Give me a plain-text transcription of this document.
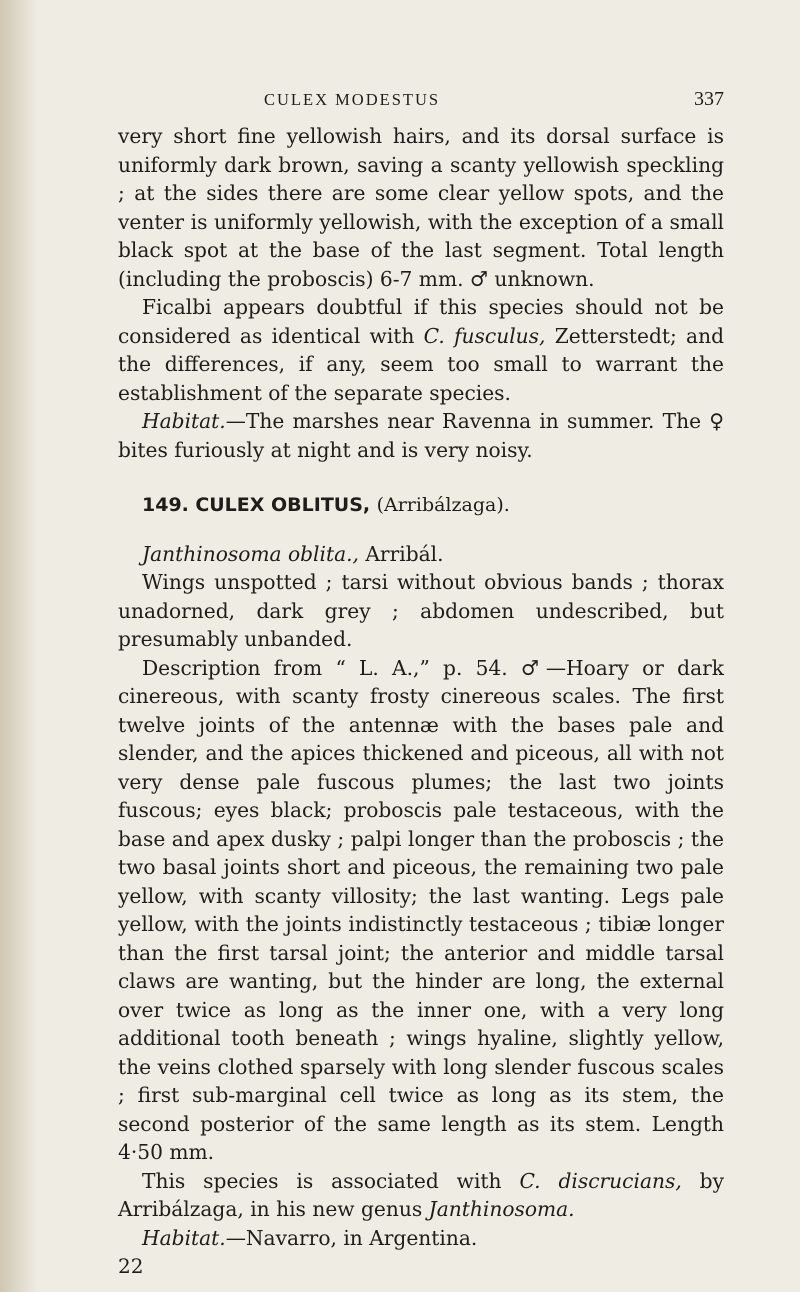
CULEX MODESTUS	337

very short fine yellowish hairs, and its dorsal surface is uniformly dark brown, saving a scanty yellowish speckling ; at the sides there are some clear yellow spots, and the venter is uniformly yellowish, with the exception of a small black spot at the base of the last segment. Total length (including the proboscis) 6-7 mm. ♂ unknown.

Ficalbi appears doubtful if this species should not be considered as identical with C. fusculus, Zetterstedt; and the differences, if any, seem too small to warrant the establishment of the separate species.

Habitat.—The marshes near Ravenna in summer. The ♀ bites furiously at night and is very noisy.

149. CULEX OBLITUS, (Arribálzaga).

Janthinosoma oblita., Arribál.

Wings unspotted ; tarsi without obvious bands ; thorax unadorned, dark grey ; abdomen undescribed, but presumably unbanded.

Description from “ L. A.,” p. 54. ♂—Hoary or dark cinereous, with scanty frosty cinereous scales. The first twelve joints of the antennæ with the bases pale and slender, and the apices thickened and piceous, all with not very dense pale fuscous plumes; the last two joints fuscous; eyes black; proboscis pale testaceous, with the base and apex dusky ; palpi longer than the proboscis ; the two basal joints short and piceous, the remaining two pale yellow, with scanty villosity; the last wanting. Legs pale yellow, with the joints indistinctly testaceous ; tibiæ longer than the first tarsal joint; the anterior and middle tarsal claws are wanting, but the hinder are long, the external over twice as long as the inner one, with a very long additional tooth beneath ; wings hyaline, slightly yellow, the veins clothed sparsely with long slender fuscous scales ; first sub-marginal cell twice as long as its stem, the second posterior of the same length as its stem. Length 4·50 mm.

This species is associated with C. discrucians, by Arribálzaga, in his new genus Janthinosoma.

Habitat.—Navarro, in Argentina.

22
